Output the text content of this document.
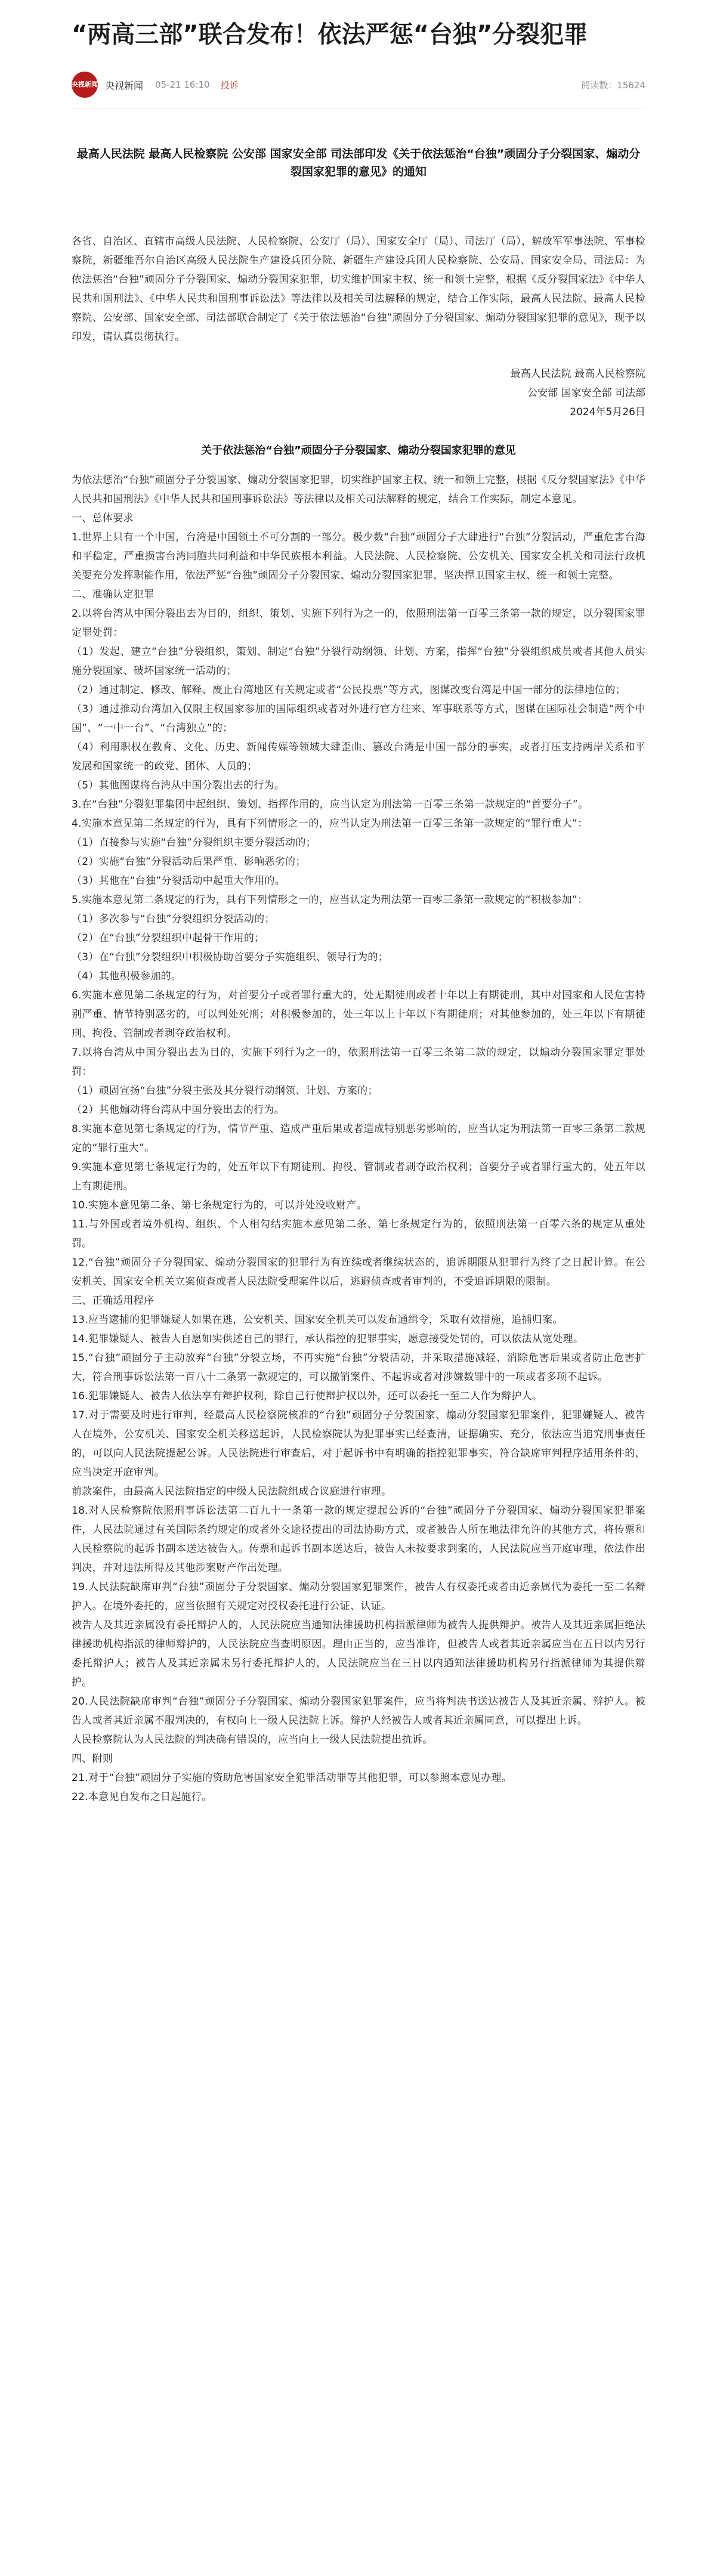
“两高三部”联合发布！依法严惩“台独”分裂犯罪
央视新闻 央视新闻 05-21 16:10 投诉	阅读数：15624
最高人民法院 最高人民检察院 公安部 国家安全部 司法部印发《关于依法惩治“台独”顽固分子分裂国家、煽动分裂国家犯罪的意见》的通知

各省、自治区、直辖市高级人民法院、人民检察院、公安厅（局）、国家安全厅（局）、司法厅（局），解放军军事法院、军事检察院，新疆维吾尔自治区高级人民法院生产建设兵团分院、新疆生产建设兵团人民检察院、公安局、国家安全局、司法局：为依法惩治“台独”顽固分子分裂国家、煽动分裂国家犯罪，切实维护国家主权、统一和领土完整，根据《反分裂国家法》《中华人民共和国刑法》、《中华人民共和国刑事诉讼法》等法律以及相关司法解释的规定，结合工作实际，最高人民法院、最高人民检察院、公安部、国家安全部、司法部联合制定了《关于依法惩治“台独”顽固分子分裂国家、煽动分裂国家犯罪的意见》，现予以印发，请认真贯彻执行。

最高人民法院 最高人民检察院

公安部 国家安全部 司法部

2024年5月26日

关于依法惩治“台独”顽固分子分裂国家、煽动分裂国家犯罪的意见

为依法惩治“台独”顽固分子分裂国家、煽动分裂国家犯罪，切实维护国家主权、统一和领土完整，根据《反分裂国家法》《中华人民共和国刑法》《中华人民共和国刑事诉讼法》等法律以及相关司法解释的规定，结合工作实际，制定本意见。

一、总体要求

1.世界上只有一个中国，台湾是中国领土不可分割的一部分。极少数“台独”顽固分子大肆进行“台独”分裂活动，严重危害台海和平稳定，严重损害台湾同胞共同利益和中华民族根本利益。人民法院、人民检察院、公安机关、国家安全机关和司法行政机关要充分发挥职能作用，依法严惩“台独”顽固分子分裂国家、煽动分裂国家犯罪，坚决捍卫国家主权、统一和领土完整。

二、准确认定犯罪

2.以将台湾从中国分裂出去为目的，组织、策划、实施下列行为之一的，依照刑法第一百零三条第一款的规定，以分裂国家罪定罪处罚：

（1）发起、建立“台独”分裂组织，策划、制定“台独”分裂行动纲领、计划、方案，指挥“台独”分裂组织成员或者其他人员实施分裂国家、破坏国家统一活动的；

（2）通过制定、修改、解释、废止台湾地区有关规定或者“公民投票”等方式，图谋改变台湾是中国一部分的法律地位的；

（3）通过推动台湾加入仅限主权国家参加的国际组织或者对外进行官方往来、军事联系等方式，图谋在国际社会制造“两个中国”、“一中一台”、“台湾独立”的；

（4）利用职权在教育、文化、历史、新闻传媒等领域大肆歪曲、篡改台湾是中国一部分的事实，或者打压支持两岸关系和平发展和国家统一的政党、团体、人员的；

（5）其他图谋将台湾从中国分裂出去的行为。

3.在“台独”分裂犯罪集团中起组织、策划、指挥作用的，应当认定为刑法第一百零三条第一款规定的“首要分子”。

4.实施本意见第二条规定的行为，具有下列情形之一的，应当认定为刑法第一百零三条第一款规定的“罪行重大”：

（1）直接参与实施“台独”分裂组织主要分裂活动的；

（2）实施“台独”分裂活动后果严重、影响恶劣的；

（3）其他在“台独”分裂活动中起重大作用的。

5.实施本意见第二条规定的行为，具有下列情形之一的，应当认定为刑法第一百零三条第一款规定的“积极参加”：

（1）多次参与“台独”分裂组织分裂活动的；

（2）在“台独”分裂组织中起骨干作用的；

（3）在“台独”分裂组织中积极协助首要分子实施组织、领导行为的；

（4）其他积极参加的。

6.实施本意见第二条规定的行为，对首要分子或者罪行重大的，处无期徒刑或者十年以上有期徒刑，其中对国家和人民危害特别严重、情节特别恶劣的，可以判处死刑；对积极参加的，处三年以上十年以下有期徒刑；对其他参加的，处三年以下有期徒刑、拘役、管制或者剥夺政治权利。

7.以将台湾从中国分裂出去为目的，实施下列行为之一的，依照刑法第一百零三条第二款的规定，以煽动分裂国家罪定罪处罚：

（1）顽固宣扬“台独”分裂主张及其分裂行动纲领、计划、方案的；

（2）其他煽动将台湾从中国分裂出去的行为。

8.实施本意见第七条规定的行为，情节严重、造成严重后果或者造成特别恶劣影响的，应当认定为刑法第一百零三条第二款规定的“罪行重大”。

9.实施本意见第七条规定行为的，处五年以下有期徒刑、拘役、管制或者剥夺政治权利；首要分子或者罪行重大的，处五年以上有期徒刑。

10.实施本意见第二条、第七条规定行为的，可以并处没收财产。

11.与外国或者境外机构、组织、个人相勾结实施本意见第二条、第七条规定行为的，依照刑法第一百零六条的规定从重处罚。

12.“台独”顽固分子分裂国家、煽动分裂国家的犯罪行为有连续或者继续状态的，追诉期限从犯罪行为终了之日起计算。在公安机关、国家安全机关立案侦查或者人民法院受理案件以后，逃避侦查或者审判的，不受追诉期限的限制。

三、正确适用程序

13.应当逮捕的犯罪嫌疑人如果在逃，公安机关、国家安全机关可以发布通缉令，采取有效措施，追捕归案。

14.犯罪嫌疑人、被告人自愿如实供述自己的罪行，承认指控的犯罪事实，愿意接受处罚的，可以依法从宽处理。

15.“台独”顽固分子主动放弃“台独”分裂立场，不再实施“台独”分裂活动，并采取措施减轻、消除危害后果或者防止危害扩大，符合刑事诉讼法第一百八十二条第一款规定的，可以撤销案件、不起诉或者对涉嫌数罪中的一项或者多项不起诉。

16.犯罪嫌疑人、被告人依法享有辩护权利，除自己行使辩护权以外，还可以委托一至二人作为辩护人。

17.对于需要及时进行审判，经最高人民检察院核准的“台独”顽固分子分裂国家、煽动分裂国家犯罪案件，犯罪嫌疑人、被告人在境外，公安机关、国家安全机关移送起诉，人民检察院认为犯罪事实已经查清，证据确实、充分，依法应当追究刑事责任的，可以向人民法院提起公诉。人民法院进行审查后，对于起诉书中有明确的指控犯罪事实，符合缺席审判程序适用条件的，应当决定开庭审判。

前款案件，由最高人民法院指定的中级人民法院组成合议庭进行审理。

18.对人民检察院依照刑事诉讼法第二百九十一条第一款的规定提起公诉的“台独”顽固分子分裂国家、煽动分裂国家犯罪案件，人民法院通过有关国际条约规定的或者外交途径提出的司法协助方式，或者被告人所在地法律允许的其他方式，将传票和人民检察院的起诉书副本送达被告人。传票和起诉书副本送达后，被告人未按要求到案的，人民法院应当开庭审理，依法作出判决，并对违法所得及其他涉案财产作出处理。

19.人民法院缺席审判“台独”顽固分子分裂国家、煽动分裂国家犯罪案件，被告人有权委托或者由近亲属代为委托一至二名辩护人。在境外委托的，应当依照有关规定对授权委托进行公证、认证。

被告人及其近亲属没有委托辩护人的，人民法院应当通知法律援助机构指派律师为被告人提供辩护。被告人及其近亲属拒绝法律援助机构指派的律师辩护的，人民法院应当查明原因。理由正当的，应当准许，但被告人或者其近亲属应当在五日以内另行委托辩护人；被告人及其近亲属未另行委托辩护人的，人民法院应当在三日以内通知法律援助机构另行指派律师为其提供辩护。

20.人民法院缺席审判“台独”顽固分子分裂国家、煽动分裂国家犯罪案件，应当将判决书送达被告人及其近亲属、辩护人。被告人或者其近亲属不服判决的，有权向上一级人民法院上诉。辩护人经被告人或者其近亲属同意，可以提出上诉。

人民检察院认为人民法院的判决确有错误的，应当向上一级人民法院提出抗诉。

四、附则

21.对于“台独”顽固分子实施的资助危害国家安全犯罪活动罪等其他犯罪，可以参照本意见办理。

22.本意见自发布之日起施行。
